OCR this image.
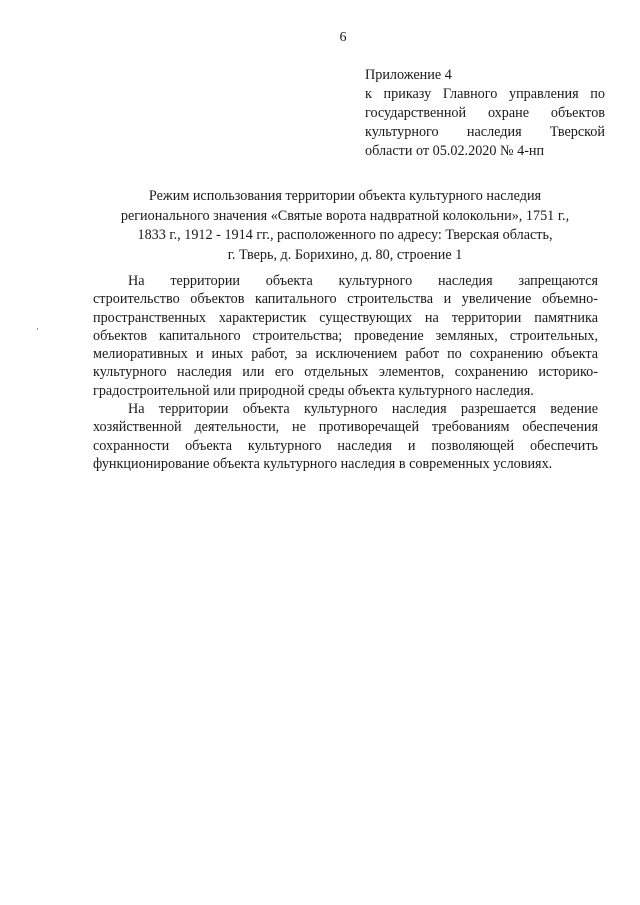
6
Приложение 4
к приказу Главного управления по
государственной охране объектов
культурного наследия Тверской
области от 05.02.2020 № 4-нп
Режим использования территории объекта культурного наследия
регионального значения «Святые ворота надвратной колокольни», 1751 г.,
1833 г., 1912 - 1914 гг., расположенного по адресу: Тверская область,
г. Тверь, д. Борихино, д. 80, строение 1
На территории объекта культурного наследия запрещаются
строительство объектов капитального строительства и увеличение объемно-
пространственных характеристик существующих на территории памятника
объектов капитального строительства; проведение земляных, строительных,
мелиоративных и иных работ, за исключением работ по сохранению объекта
культурного наследия или его отдельных элементов, сохранению историко-
градостроительной или природной среды объекта культурного наследия.
На территории объекта культурного наследия разрешается ведение
хозяйственной деятельности, не противоречащей требованиям обеспечения
сохранности объекта культурного наследия и позволяющей обеспечить
функционирование объекта культурного наследия в современных условиях.
